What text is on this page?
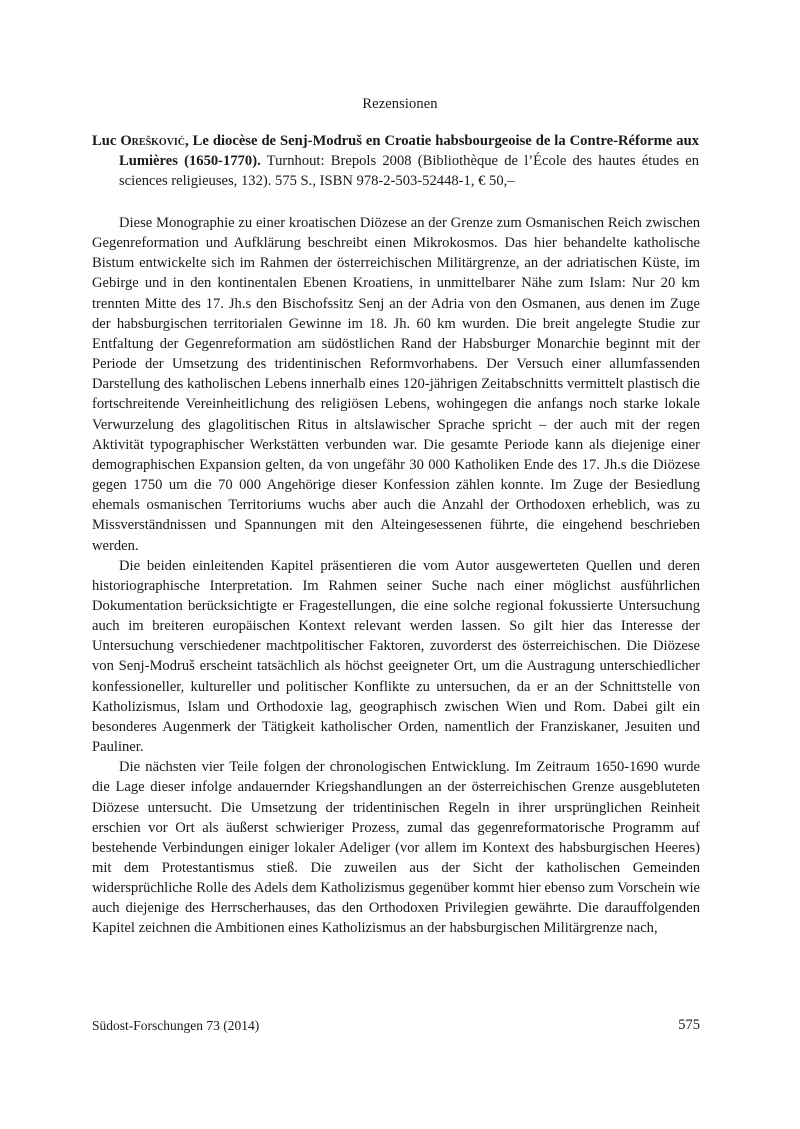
Rezensionen
Luc Orešković, Le diocèse de Senj-Modruš en Croatie habsbourgeoise de la Contre-Réforme aux Lumières (1650-1770). Turnhout: Brepols 2008 (Bibliothèque de l’École des hautes études en sciences religieuses, 132). 575 S., ISBN 978-2-503-52448-1, € 50,–

Diese Monographie zu einer kroatischen Diözese an der Grenze zum Osmanischen Reich zwischen Gegenreformation und Aufklärung beschreibt einen Mikrokosmos. Das hier behandelte katholische Bistum entwickelte sich im Rahmen der österreichischen Militärgrenze, an der adriatischen Küste, im Gebirge und in den kontinentalen Ebenen Kroatiens, in unmittelbarer Nähe zum Islam: Nur 20 km trennten Mitte des 17. Jh.s den Bischofssitz Senj an der Adria von den Osmanen, aus denen im Zuge der habsburgischen territorialen Gewinne im 18. Jh. 60 km wurden. Die breit angelegte Studie zur Entfaltung der Gegenreformation am südöstlichen Rand der Habsburger Monarchie beginnt mit der Periode der Umsetzung des tridentinischen Reformvorhabens. Der Versuch einer allumfassenden Darstellung des katholischen Lebens innerhalb eines 120-jährigen Zeitabschnitts vermittelt plastisch die fortschreitende Vereinheitlichung des religiösen Lebens, wohingegen die anfangs noch starke lokale Verwurzelung des glagolitischen Ritus in altslawischer Sprache spricht – der auch mit der regen Aktivität typographischer Werkstätten verbunden war. Die gesamte Periode kann als diejenige einer demographischen Expansion gelten, da von ungefähr 30 000 Katholiken Ende des 17. Jh.s die Diözese gegen 1750 um die 70 000 Angehörige dieser Konfession zählen konnte. Im Zuge der Besiedlung ehemals osmanischen Territoriums wuchs aber auch die Anzahl der Orthodoxen erheblich, was zu Missverständnissen und Spannungen mit den Alteingesessenen führte, die eingehend beschrieben werden.

Die beiden einleitenden Kapitel präsentieren die vom Autor ausgewerteten Quellen und deren historiographische Interpretation. Im Rahmen seiner Suche nach einer möglichst ausführlichen Dokumentation berücksichtigte er Fragestellungen, die eine solche regional fokussierte Untersuchung auch im breiteren europäischen Kontext relevant werden lassen. So gilt hier das Interesse der Untersuchung verschiedener machtpolitischer Faktoren, zuvorderst des österreichischen. Die Diözese von Senj-Modruš erscheint tatsächlich als höchst geeigneter Ort, um die Austragung unterschiedlicher konfessioneller, kultureller und politischer Konflikte zu untersuchen, da er an der Schnittstelle von Katholizismus, Islam und Orthodoxie lag, geographisch zwischen Wien und Rom. Dabei gilt ein besonderes Augenmerk der Tätigkeit katholischer Orden, namentlich der Franziskaner, Jesuiten und Pauliner.

Die nächsten vier Teile folgen der chronologischen Entwicklung. Im Zeitraum 1650-1690 wurde die Lage dieser infolge andauernder Kriegshandlungen an der österreichischen Grenze ausgebluteten Diözese untersucht. Die Umsetzung der tridentinischen Regeln in ihrer ursprünglichen Reinheit erschien vor Ort als äußerst schwieriger Prozess, zumal das gegenreformatorische Programm auf bestehende Verbindungen einiger lokaler Adeliger (vor allem im Kontext des habsburgischen Heeres) mit dem Protestantismus stieß. Die zuweilen aus der Sicht der katholischen Gemeinden widersprüchliche Rolle des Adels dem Katholizismus gegenüber kommt hier ebenso zum Vorschein wie auch diejenige des Herrscherhauses, das den Orthodoxen Privilegien gewährte. Die darauffolgenden Kapitel zeichnen die Ambitionen eines Katholizismus an der habsburgischen Militärgrenze nach,

Südost-Forschungen 73 (2014)	575
